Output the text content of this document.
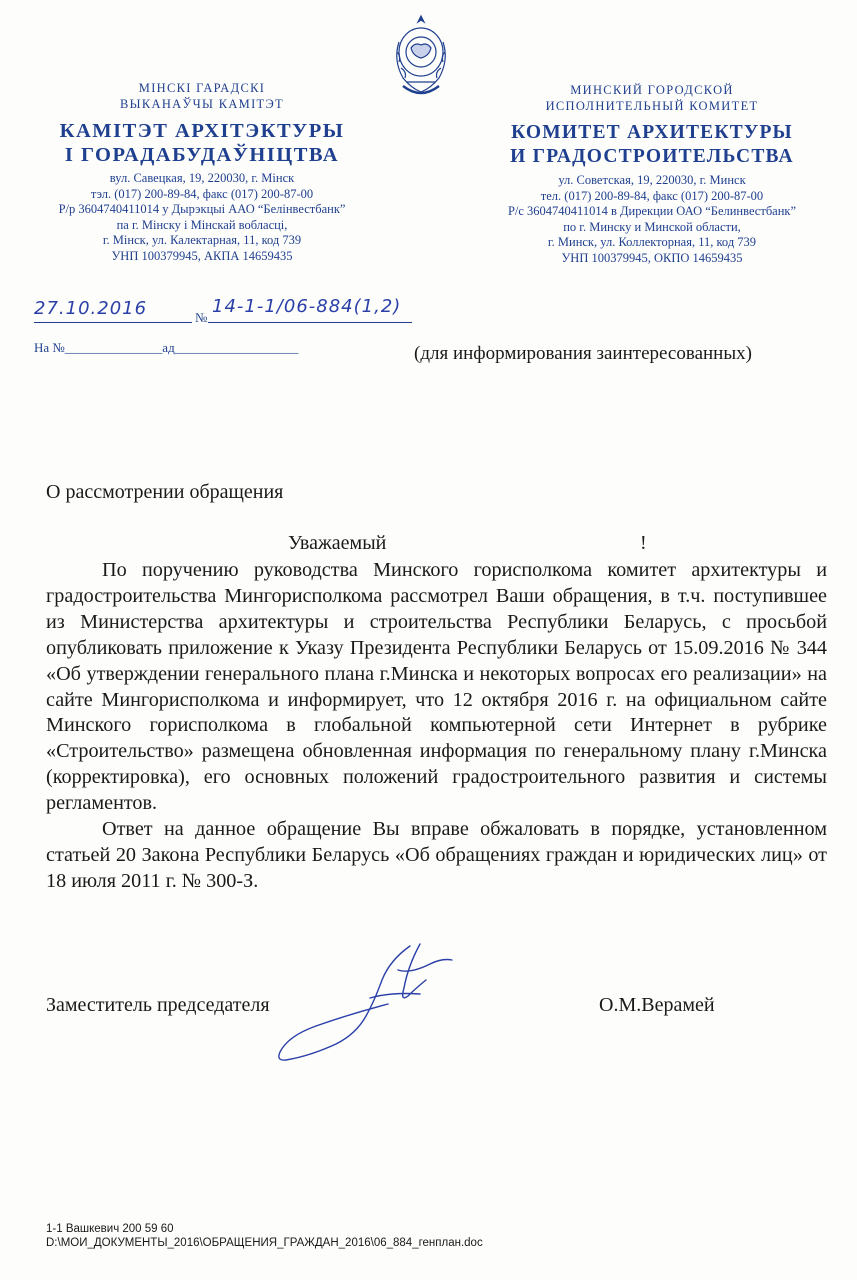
МІНСКІ ГАРАДСКІ
ВЫКАНАЎЧЫ КАМІТЭТ
КАМІТЭТ АРХІТЭКТУРЫ
І ГОРАДАБУДАЎНІЦТВА
вул. Савецкая, 19, 220030, г. Мінск
тэл. (017) 200-89-84, факс (017) 200-87-00
Р/р 3604740411014 у Дырэкцыі ААО “Белінвестбанк”
па г. Мінску і Мінскай вобласці,
г. Мінск, ул. Калектарная, 11, код 739
УНП 100379945, АКПА 14659435
МИНСКИЙ ГОРОДСКОЙ
ИСПОЛНИТЕЛЬНЫЙ КОМИТЕТ
КОМИТЕТ АРХИТЕКТУРЫ
И ГРАДОСТРОИТЕЛЬСТВА
ул. Советская, 19, 220030, г. Минск
тел. (017) 200-89-84, факс (017) 200-87-00
Р/с 3604740411014 в Дирекции ОАО “Белинвестбанк”
по г. Минску и Минской области,
г. Минск, ул. Коллекторная, 11, код 739
УНП 100379945, ОКПО 14659435
27.10.2016	№
14-1-1/06-884(1,2)
На №_______________ад___________________	(для информирования заинтересованных)
О рассмотрении обращения
Уважаемый	!

По поручению руководства Минского горисполкома комитет архитектуры и градостроительства Мингорисполкома рассмотрел Ваши обращения, в т.ч. поступившее из Министерства архитектуры и строительства Республики Беларусь, с просьбой опубликовать приложение к Указу Президента Республики Беларусь от 15.09.2016 № 344 «Об утверждении генерального плана г.Минска и некоторых вопросах его реализации» на сайте Мингорисполкома и информирует, что 12 октября 2016 г. на официальном сайте Минского горисполкома в глобальной компьютерной сети Интернет в рубрике «Строительство» размещена обновленная информация по генеральному плану г.Минска (корректировка), его основных положений градостроительного развития и системы регламентов.

Ответ на данное обращение Вы вправе обжаловать в порядке, установленном статьей 20 Закона Республики Беларусь «Об обращениях граждан и юридических лиц» от 18 июля 2011 г. № 300-З.

Заместитель председателя	О.М.Верамей
1-1 Вашкевич 200 59 60
D:\МОИ_ДОКУМЕНТЫ_2016\ОБРАЩЕНИЯ_ГРАЖДАН_2016\06_884_генплан.doc
